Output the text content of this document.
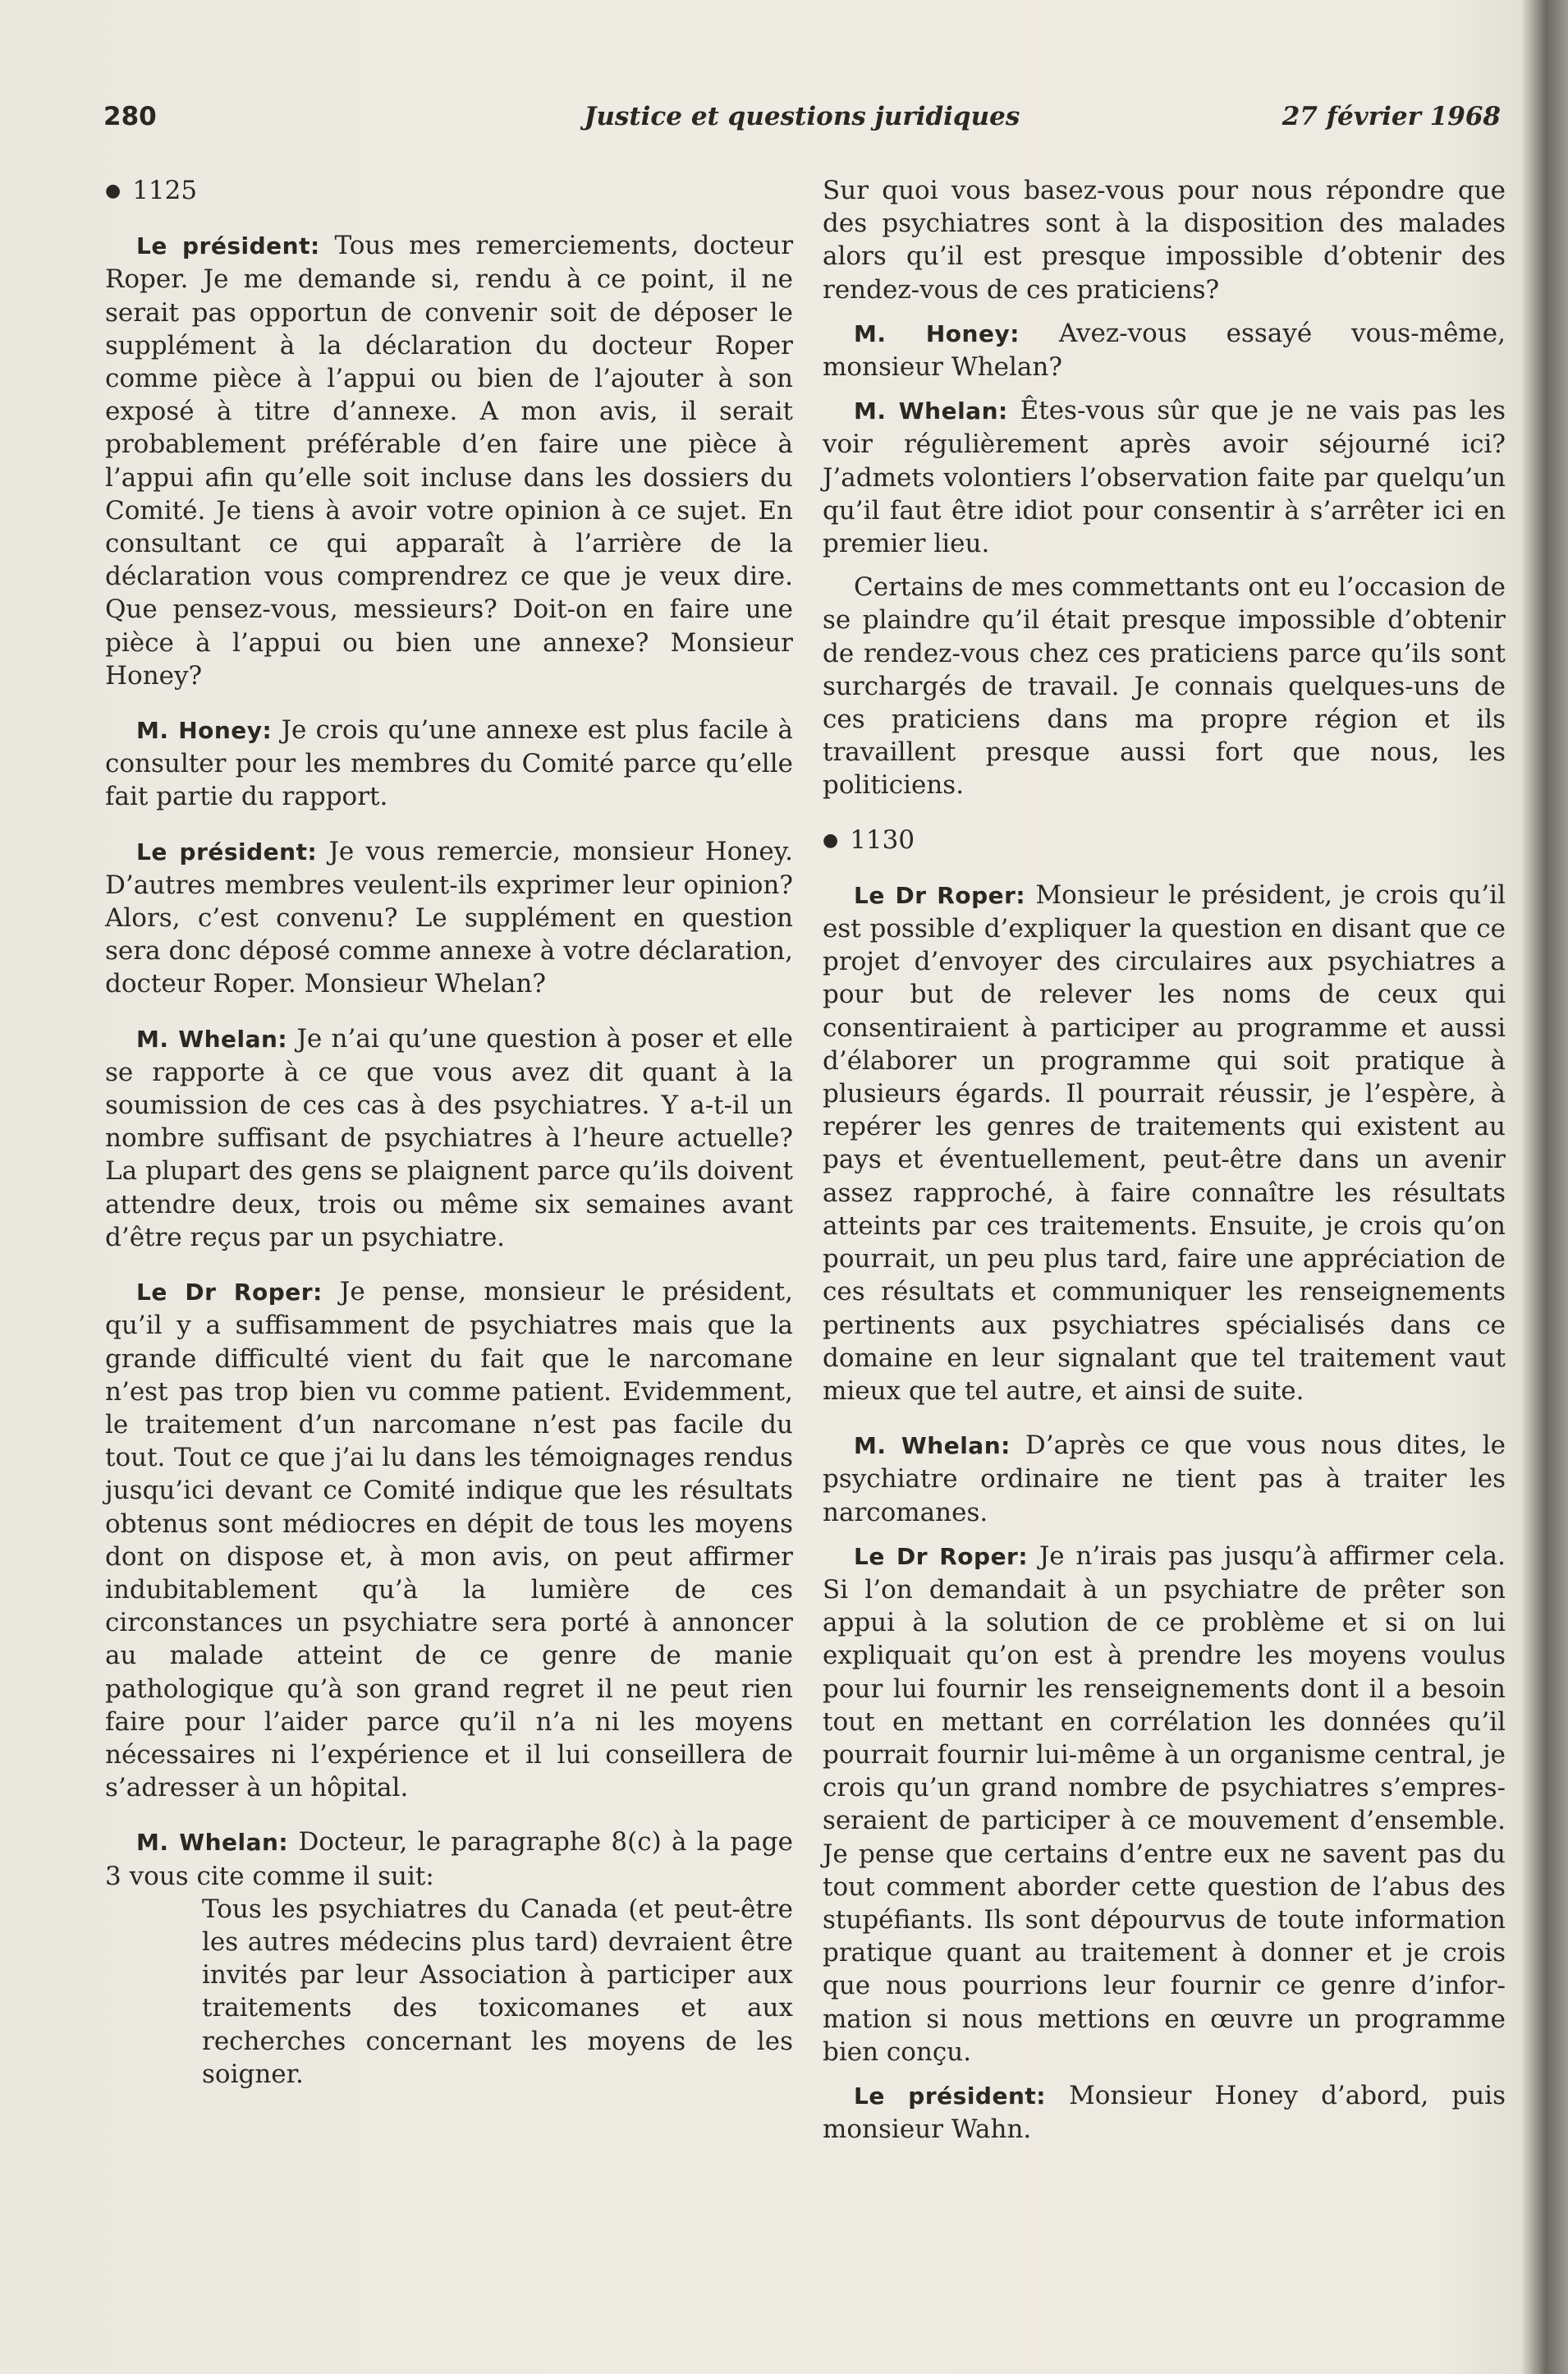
280	Justice et questions juridiques	27 février 1968

● 1125

Le président: Tous mes remerciements, docteur Roper. Je me demande si, rendu à ce point, il ne serait pas opportun de convenir soit de déposer le supplément à la déclaration du docteur Roper comme pièce à l’appui ou bien de l’ajouter à son exposé à titre d’annexe. A mon avis, il serait probablement préférable d’en faire une pièce à l’appui afin qu’elle soit incluse dans les dossiers du Comité. Je tiens à avoir votre opinion à ce sujet. En consultant ce qui apparaît à l’arrière de la déclaration vous comprendrez ce que je veux dire. Que pensez-vous, messieurs? Doit-on en faire une pièce à l’appui ou bien une annexe? Monsieur Honey?

M. Honey: Je crois qu’une annexe est plus facile à consulter pour les membres du Comité parce qu’elle fait partie du rapport.

Le président: Je vous remercie, monsieur Honey. D’autres membres veulent-ils exprimer leur opinion? Alors, c’est convenu? Le supplément en question sera donc déposé comme annexe à votre déclaration, docteur Roper. Monsieur Whelan?

M. Whelan: Je n’ai qu’une question à poser et elle se rapporte à ce que vous avez dit quant à la soumission de ces cas à des psychiatres. Y a-t-il un nombre suffisant de psychiatres à l’heure actuelle? La plupart des gens se plaignent parce qu’ils doivent attendre deux, trois ou même six semaines avant d’être reçus par un psychiatre.

Le Dr Roper: Je pense, monsieur le président, qu’il y a suffisamment de psychiatres mais que la grande difficulté vient du fait que le narcomane n’est pas trop bien vu comme patient. Evidemment, le traitement d’un narcomane n’est pas facile du tout. Tout ce que j’ai lu dans les témoignages rendus jusqu’ici devant ce Comité indique que les résultats obtenus sont médiocres en dépit de tous les moyens dont on dispose et, à mon avis, on peut affirmer indubitablement qu’à la lumière de ces circonstances un psychiatre sera porté à annoncer au malade atteint de ce genre de manie pathologique qu’à son grand regret il ne peut rien faire pour l’aider parce qu’il n’a ni les moyens nécessaires ni l’expérience et il lui conseillera de s’adresser à un hôpital.

M. Whelan: Docteur, le paragraphe 8(c) à la page 3 vous cite comme il suit:

Tous les psychiatres du Canada (et peut-être les autres médecins plus tard) devraient être invités par leur Association à participer aux traitements des toxicomanes et aux recherches concernant les moyens de les soigner.

Sur quoi vous basez-vous pour nous répondre que des psychiatres sont à la disposition des malades alors qu’il est presque impossible d’obtenir des rendez-vous de ces praticiens?

M. Honey: Avez-vous essayé vous-même, monsieur Whelan?

M. Whelan: Êtes-vous sûr que je ne vais pas les voir régulièrement après avoir séjourné ici? J’admets volontiers l’observation faite par quelqu’un qu’il faut être idiot pour consentir à s’arrêter ici en premier lieu.

Certains de mes commettants ont eu l’occasion de se plaindre qu’il était presque impossible d’obtenir de rendez-vous chez ces praticiens parce qu’ils sont surchargés de travail. Je connais quelques-uns de ces praticiens dans ma propre région et ils travaillent presque aussi fort que nous, les politiciens.

● 1130

Le Dr Roper: Monsieur le président, je crois qu’il est possible d’expliquer la question en disant que ce projet d’envoyer des circulaires aux psychiatres a pour but de relever les noms de ceux qui consentiraient à participer au programme et aussi d’élaborer un programme qui soit pratique à plusieurs égards. Il pourrait réussir, je l’espère, à repérer les genres de traitements qui existent au pays et éventuellement, peut-être dans un avenir assez rapproché, à faire connaître les résultats atteints par ces traitements. Ensuite, je crois qu’on pourrait, un peu plus tard, faire une appréciation de ces résultats et communiquer les renseignements pertinents aux psychiatres spécialisés dans ce domaine en leur signalant que tel traitement vaut mieux que tel autre, et ainsi de suite.

M. Whelan: D’après ce que vous nous dites, le psychiatre ordinaire ne tient pas à traiter les narcomanes.

Le Dr Roper: Je n’irais pas jusqu’à affirmer cela. Si l’on demandait à un psychiatre de prêter son appui à la solution de ce problème et si on lui expliquait qu’on est à prendre les moyens voulus pour lui fournir les renseignements dont il a besoin tout en mettant en corrélation les données qu’il pourrait fournir lui-même à un organisme central, je crois qu’un grand nombre de psychiatres s’empresseraient de participer à ce mouvement d’ensemble. Je pense que certains d’entre eux ne savent pas du tout comment aborder cette question de l’abus des stupéfiants. Ils sont dépourvus de toute information pratique quant au traitement à donner et je crois que nous pourrions leur fournir ce genre d’information si nous mettions en œuvre un programme bien conçu.

Le président: Monsieur Honey d’abord, puis monsieur Wahn.
